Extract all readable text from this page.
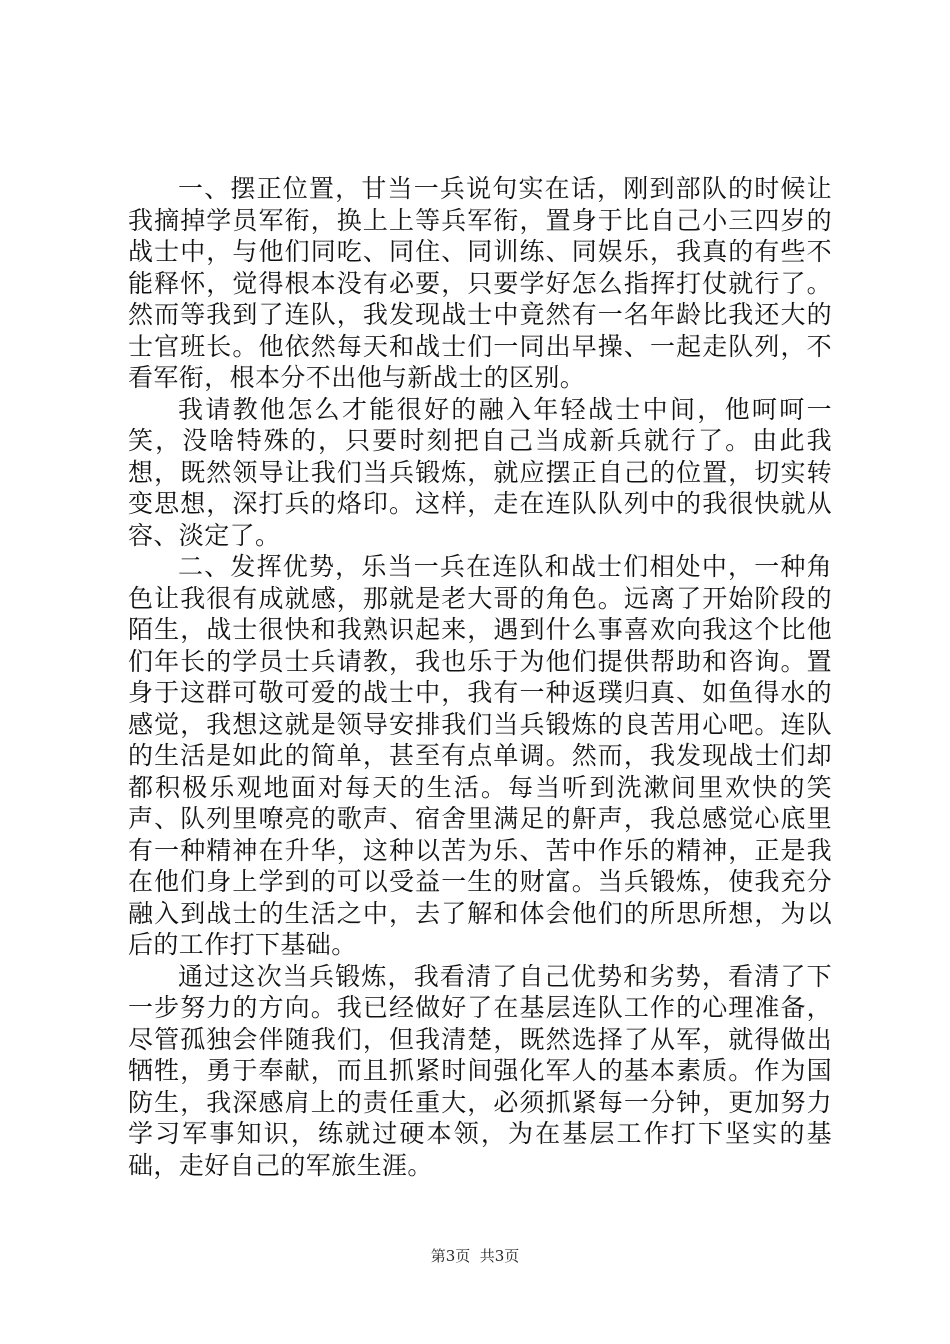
一、摆正位置，甘当一兵说句实在话，刚到部队的时候让我摘掉学员军衔，换上上等兵军衔，置身于比自己小三四岁的战士中，与他们同吃、同住、同训练、同娱乐，我真的有些不能释怀，觉得根本没有必要，只要学好怎么指挥打仗就行了。然而等我到了连队，我发现战士中竟然有一名年龄比我还大的士官班长。他依然每天和战士们一同出早操、一起走队列，不看军衔，根本分不出他与新战士的区别。

我请教他怎么才能很好的融入年轻战士中间，他呵呵一笑，没啥特殊的，只要时刻把自己当成新兵就行了。由此我想，既然领导让我们当兵锻炼，就应摆正自己的位置，切实转变思想，深打兵的烙印。这样，走在连队队列中的我很快就从容、淡定了。

二、发挥优势，乐当一兵在连队和战士们相处中，一种角色让我很有成就感，那就是老大哥的角色。远离了开始阶段的陌生，战士很快和我熟识起来，遇到什么事喜欢向我这个比他们年长的学员士兵请教，我也乐于为他们提供帮助和咨询。置身于这群可敬可爱的战士中，我有一种返璞归真、如鱼得水的感觉，我想这就是领导安排我们当兵锻炼的良苦用心吧。连队的生活是如此的简单，甚至有点单调。然而，我发现战士们却都积极乐观地面对每天的生活。每当听到洗漱间里欢快的笑声、队列里嘹亮的歌声、宿舍里满足的鼾声，我总感觉心底里有一种精神在升华，这种以苦为乐、苦中作乐的精神，正是我在他们身上学到的可以受益一生的财富。当兵锻炼，使我充分融入到战士的生活之中，去了解和体会他们的所思所想，为以后的工作打下基础。

通过这次当兵锻炼，我看清了自己优势和劣势，看清了下一步努力的方向。我已经做好了在基层连队工作的心理准备，尽管孤独会伴随我们，但我清楚，既然选择了从军，就得做出牺牲，勇于奉献，而且抓紧时间强化军人的基本素质。作为国防生，我深感肩上的责任重大，必须抓紧每一分钟，更加努力学习军事知识，练就过硬本领，为在基层工作打下坚实的基础，走好自己的军旅生涯。

第3页  共3页
